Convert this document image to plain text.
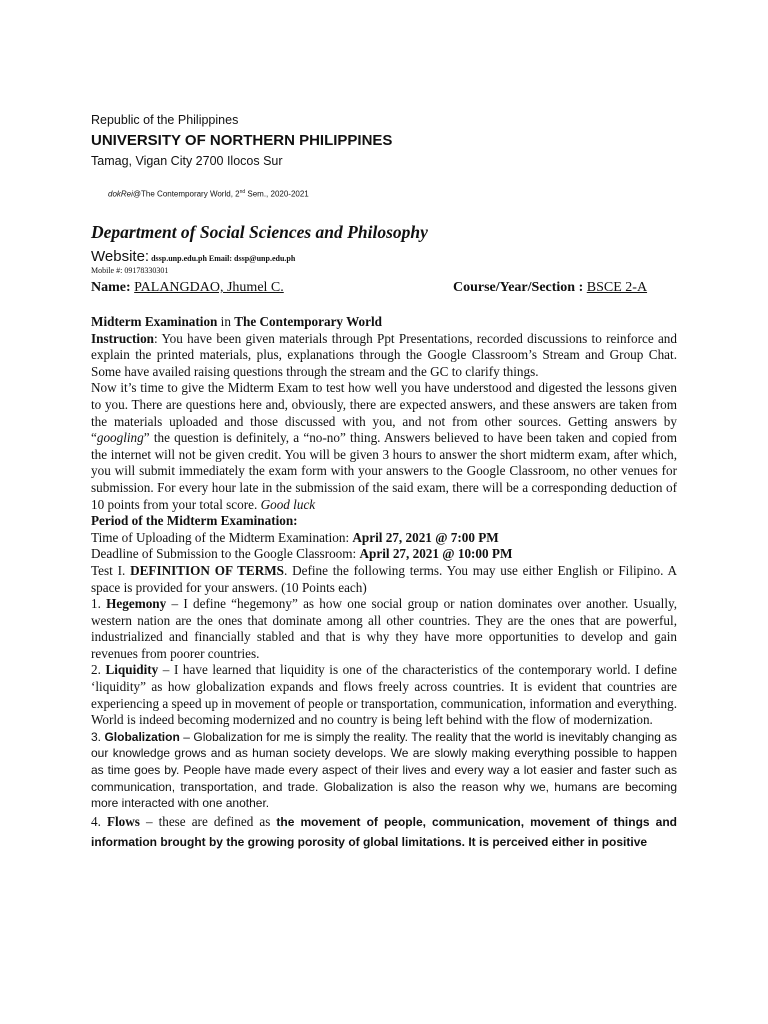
Republic of the Philippines
UNIVERSITY OF NORTHERN PHILIPPINES
Tamag, Vigan City 2700 Ilocos Sur
dokRei@The Contemporary World, 2nd Sem., 2020-2021
Department of Social Sciences and Philosophy
Website: dssp.unp.edu.ph Email: dssp@unp.edu.ph
Mobile #: 09178330301
Name: PALANGDAO, Jhumel C.	Course/Year/Section : BSCE 2-A

Midterm Examination in The Contemporary World

Instruction: You have been given materials through Ppt Presentations, recorded discussions to reinforce and explain the printed materials, plus, explanations through the Google Classroom’s Stream and Group Chat. Some have availed raising questions through the stream and the GC to clarify things.

Now it’s time to give the Midterm Exam to test how well you have understood and digested the lessons given to you. There are questions here and, obviously, there are expected answers, and these answers are taken from the materials uploaded and those discussed with you, and not from other sources. Getting answers by “googling” the question is definitely, a “no-no” thing. Answers believed to have been taken and copied from the internet will not be given credit. You will be given 3 hours to answer the short midterm exam, after which, you will submit immediately the exam form with your answers to the Google Classroom, no other venues for submission. For every hour late in the submission of the said exam, there will be a corresponding deduction of 10 points from your total score. Good luck

Period of the Midterm Examination:

Time of Uploading of the Midterm Examination: April 27, 2021 @ 7:00 PM

Deadline of Submission to the Google Classroom: April 27, 2021 @ 10:00 PM

Test I. DEFINITION OF TERMS. Define the following terms. You may use either English or Filipino. A space is provided for your answers. (10 Points each)

1. Hegemony – I define “hegemony” as how one social group or nation dominates over another. Usually, western nation are the ones that dominate among all other countries. They are the ones that are powerful, industrialized and financially stabled and that is why they have more opportunities to develop and gain revenues from poorer countries.

2. Liquidity – I have learned that liquidity is one of the characteristics of the contemporary world. I define ‘liquidity” as how globalization expands and flows freely across countries. It is evident that countries are experiencing a speed up in movement of people or transportation, communication, information and everything. World is indeed becoming modernized and no country is being left behind with the flow of modernization.

3. Globalization – Globalization for me is simply the reality. The reality that the world is inevitably changing as our knowledge grows and as human society develops. We are slowly making everything possible to happen as time goes by. People have made every aspect of their lives and every way a lot easier and faster such as communication, transportation, and trade. Globalization is also the reason why we, humans are becoming more interacted with one another.

4. Flows – these are defined as the movement of people, communication, movement of things and information brought by the growing porosity of global limitations. It is perceived either in positive
